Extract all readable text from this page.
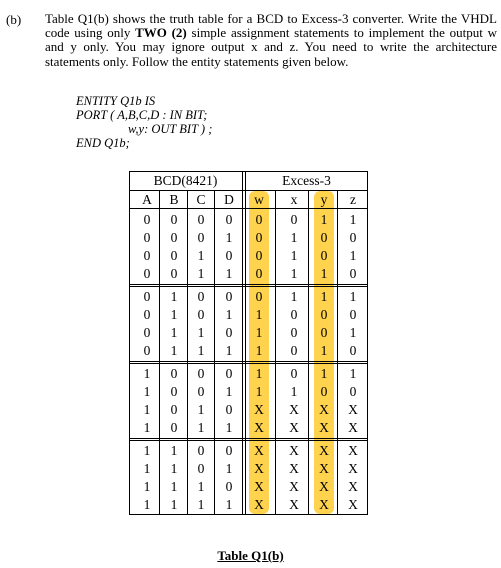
(b) Table Q1(b) shows the truth table for a BCD to Excess-3 converter. Write the VHDL code using only TWO (2) simple assignment statements to implement the output w and y only. You may ignore output x and z. You need to write the architecture statements only. Follow the entity statements given below.
ENTITY Q1b IS
PORT ( A,B,C,D : IN BIT;
w,y: OUT BIT ) ;
END Q1b;
BCD(8421)	Excess-3
A	B	C	D	w	x	y	z
0	0	0	0	0	0	1	1
0	0	0	1	0	1	0	0
0	0	1	0	0	1	0	1
0	0	1	1	0	1	1	0
0	1	0	0	0	1	1	1
0	1	0	1	1	0	0	0
0	1	1	0	1	0	0	1
0	1	1	1	1	0	1	0
1	0	0	0	1	0	1	1
1	0	0	1	1	1	0	0
1	0	1	0	X	X	X	X
1	0	1	1	X	X	X	X
1	1	0	0	X	X	X	X
1	1	0	1	X	X	X	X
1	1	1	0	X	X	X	X
1	1	1	1	X	X	X	X
Table Q1(b)
